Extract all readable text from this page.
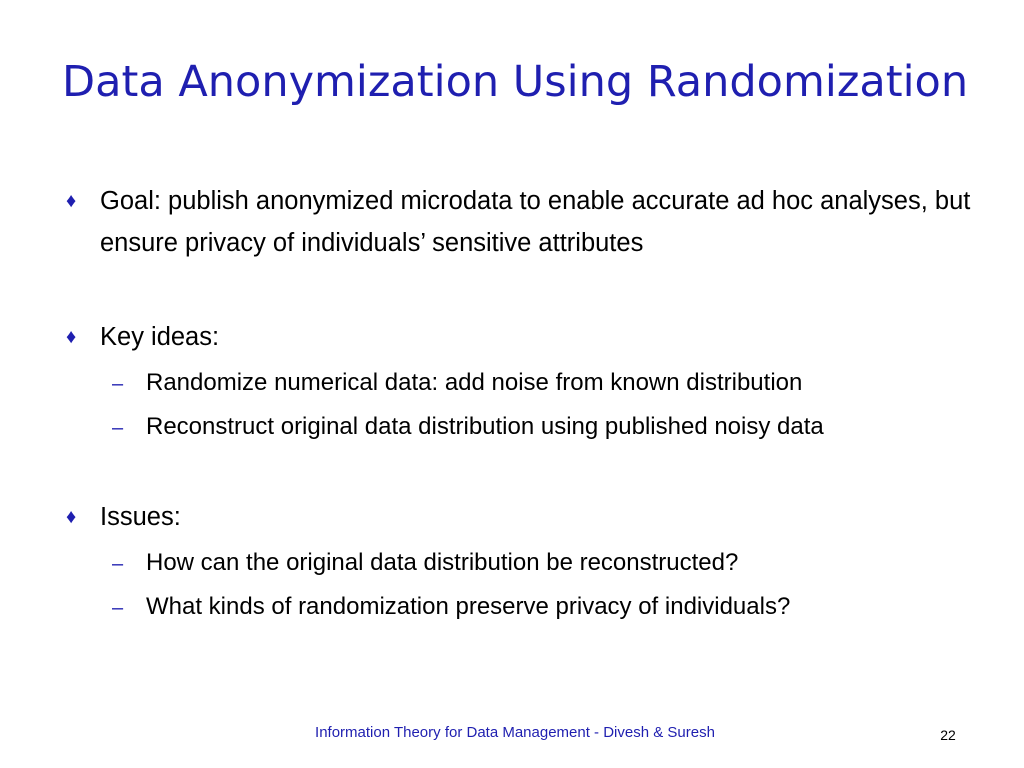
Data Anonymization Using Randomization
♦ Goal: publish anonymized microdata to enable accurate ad hoc analyses, but ensure privacy of individuals’ sensitive attributes
♦ Key ideas:
– Randomize numerical data: add noise from known distribution
– Reconstruct original data distribution using published noisy data
♦ Issues:
– How can the original data distribution be reconstructed?
– What kinds of randomization preserve privacy of individuals?
Information Theory for Data Management - Divesh & Suresh	22
